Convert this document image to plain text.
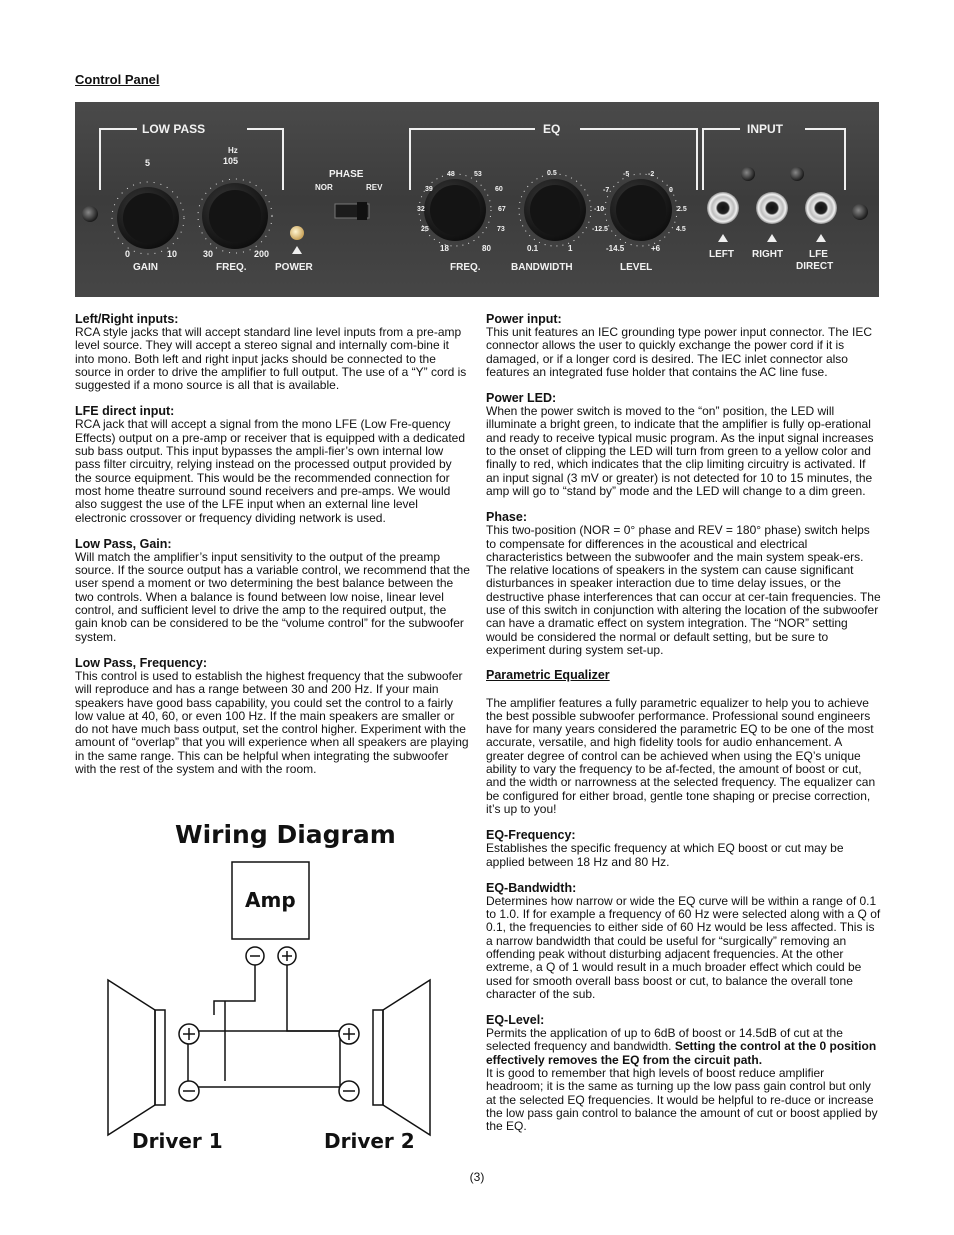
Control Panel
LOW PASS	EQ	INPUT
5
0	10
GAIN
Hz
105
30	200
FREQ.	POWER
PHASE
NOR	REV
48	53
39	60
32	67
25	73
18	80
FREQ.
0.5
0.1	1
BANDWIDTH
-5	-2
-7	0
-10	2.5
-12.5	4.5
-14.5	+6
LEVEL
LEFT RIGHT	LFE
DIRECT
Left/Right inputs:

RCA style jacks that will accept standard line level inputs from a pre-amp level source. They will accept a stereo signal and internally com-bine it into mono. Both left and right input jacks should be connected to the source in order to drive the amplifier to full output. The use of a “Y” cord is suggested if a mono source is all that is available.

LFE direct input:

RCA jack that will accept a signal from the mono LFE (Low Fre-quency Effects) output on a pre-amp or receiver that is equipped with a dedicated sub bass output. This input bypasses the ampli-fier’s own internal low pass filter circuitry, relying instead on the processed output provided by the source equipment. This would be the recommended connection for most home theatre surround sound receivers and pre-amps. We would also suggest the use of the LFE input when an external line level electronic crossover or frequency dividing network is used.

Low Pass, Gain:

Will match the amplifier’s input sensitivity to the output of the preamp source. If the source output has a variable control, we recommend that the user spend a moment or two determining the best balance between the two controls. When a balance is found between low noise, linear level control, and sufficient level to drive the amp to the required output, the gain knob can be considered to be the “volume control” for the subwoofer system.

Low Pass, Frequency:

This control is used to establish the highest frequency that the subwoofer will reproduce and has a range between 30 and 200 Hz. If your main speakers have good bass capability, you could set the control to a fairly low value at 40, 60, or even 100 Hz. If the main speakers are smaller or do not have much bass output, set the control higher. Experiment with the amount of “overlap” that you will experience when all speakers are playing in the same range. This can be helpful when integrating the subwoofer with the rest of the system and with the room.

Power input:

This unit features an IEC grounding type power input connector. The IEC connector allows the user to quickly exchange the power cord if it is damaged, or if a longer cord is desired. The IEC inlet connector also features an integrated fuse holder that contains the AC line fuse.

Power LED:

When the power switch is moved to the “on” position, the LED will illuminate a bright green, to indicate that the amplifier is fully op-erational and ready to receive typical music program. As the input signal increases to the onset of clipping the LED will turn from green to a yellow color and finally to red, which indicates that the clip limiting circuitry is activated. If an input signal (3 mV or greater) is not detected for 10 to 15 minutes, the amp will go to “stand by” mode and the LED will change to a dim green.

Phase:

This two-position (NOR = 0° phase and REV = 180° phase) switch helps to compensate for differences in the acoustical and electrical characteristics between the subwoofer and the main system speak-ers. The relative locations of speakers in the system can cause significant disturbances in speaker interaction due to time delay issues, or the destructive phase interferences that can occur at cer-tain frequencies. The use of this switch in conjunction with altering the location of the subwoofer can have a dramatic effect on system integration. The “NOR” setting would be considered the normal or default setting, but be sure to experiment during system set-up.

Parametric Equalizer

The amplifier features a fully parametric equalizer to help you to achieve the best possible subwoofer performance. Professional sound engineers have for many years considered the parametric EQ to be one of the most accurate, versatile, and high fidelity tools for audio enhancement. A greater degree of control can be achieved when using the EQ’s unique ability to vary the frequency to be af-fected, the amount of boost or cut, and the width or narrowness at the selected frequency. The equalizer can be configured for either broad, gentle tone shaping or precise correction, it’s up to you!

EQ-Frequency:

Establishes the specific frequency at which EQ boost or cut may be applied between 18 Hz and 80 Hz.

EQ-Bandwidth:

Determines how narrow or wide the EQ curve will be within a range of 0.1 to 1.0. If for example a frequency of 60 Hz were selected along with a Q of 0.1, the frequencies to either side of 60 Hz would be less affected. This is a narrow bandwidth that could be useful for “surgically” removing an offending peak without disturbing adjacent frequencies. At the other extreme, a Q of 1 would result in a much broader effect which could be used for smooth overall bass boost or cut, to balance the overall tone character of the sub.

EQ-Level:

Permits the application of up to 6dB of boost or 14.5dB of cut at the selected frequency and bandwidth. Setting the control at the 0 position effectively removes the EQ from the circuit path.
It is good to remember that high levels of boost reduce amplifier headroom; it is the same as turning up the low pass gain control but only at the selected EQ frequencies. It would be helpful to re-duce or increase the low pass gain control to balance the amount of cut or boost applied by the EQ.

Wiring Diagram
Amp
Driver 1	Driver 2
(3)
